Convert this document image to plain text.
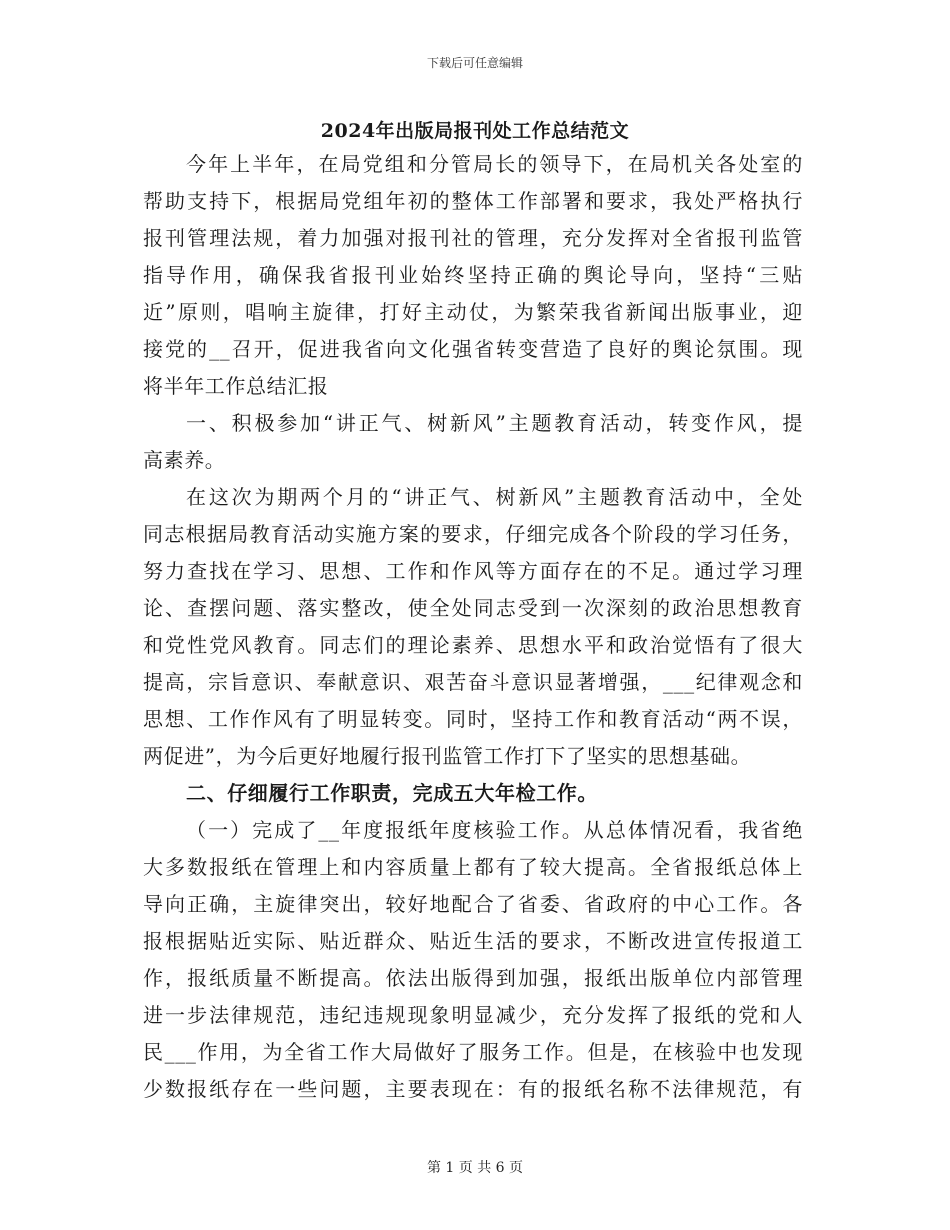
下载后可任意编辑
2024年出版局报刊处工作总结范文
今年上半年，在局党组和分管局长的领导下，在局机关各处室的
帮助支持下，根据局党组年初的整体工作部署和要求，我处严格执行
报刊管理法规，着力加强对报刊社的管理，充分发挥对全省报刊监管
指导作用，确保我省报刊业始终坚持正确的舆论导向，坚持“三贴
近”原则，唱响主旋律，打好主动仗，为繁荣我省新闻出版事业，迎
接党的__召开，促进我省向文化强省转变营造了良好的舆论氛围。现
将半年工作总结汇报
一、积极参加“讲正气、树新风”主题教育活动，转变作风，提
高素养。
在这次为期两个月的“讲正气、树新风”主题教育活动中，全处
同志根据局教育活动实施方案的要求，仔细完成各个阶段的学习任务，
努力查找在学习、思想、工作和作风等方面存在的不足。通过学习理
论、查摆问题、落实整改，使全处同志受到一次深刻的政治思想教育
和党性党风教育。同志们的理论素养、思想水平和政治觉悟有了很大
提高，宗旨意识、奉献意识、艰苦奋斗意识显著增强，___纪律观念和
思想、工作作风有了明显转变。同时，坚持工作和教育活动“两不误，
两促进”，为今后更好地履行报刊监管工作打下了坚实的思想基础。
二、仔细履行工作职责，完成五大年检工作。
（一）完成了__年度报纸年度核验工作。从总体情况看，我省绝
大多数报纸在管理上和内容质量上都有了较大提高。全省报纸总体上
导向正确，主旋律突出，较好地配合了省委、省政府的中心工作。各
报根据贴近实际、贴近群众、贴近生活的要求，不断改进宣传报道工
作，报纸质量不断提高。依法出版得到加强，报纸出版单位内部管理
进一步法律规范，违纪违规现象明显减少，充分发挥了报纸的党和人
民___作用，为全省工作大局做好了服务工作。但是，在核验中也发现
少数报纸存在一些问题，主要表现在：有的报纸名称不法律规范，有
第 1 页 共 6 页
